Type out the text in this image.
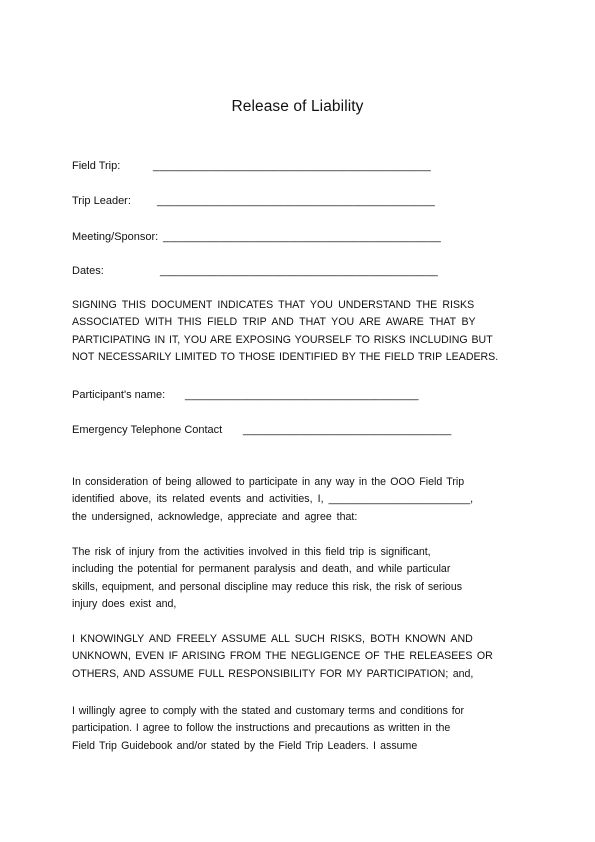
Release of Liability
Field Trip:	____________________________________________
Trip Leader: ____________________________________________
Meeting/Sponsor: ____________________________________________
Dates:	____________________________________________
SIGNING THIS DOCUMENT INDICATES THAT YOU UNDERSTAND THE RISKS
ASSOCIATED WITH THIS FIELD TRIP AND THAT YOU ARE AWARE THAT BY
PARTICIPATING IN IT, YOU ARE EXPOSING YOURSELF TO RISKS INCLUDING BUT
NOT NECESSARILY LIMITED TO THOSE IDENTIFIED BY THE FIELD TRIP LEADERS.
Participant's name: _____________________________________
Emergency Telephone Contact _________________________________
In consideration of being allowed to participate in any way in the OOO Field Trip
identified above, its related events and activities, I, ________________________,
the undersigned, acknowledge, appreciate and agree that:
The risk of injury from the activities involved in this field trip is significant,
including the potential for permanent paralysis and death, and while particular
skills, equipment, and personal discipline may reduce this risk, the risk of serious
injury does exist and,
I KNOWINGLY AND FREELY ASSUME ALL SUCH RISKS, BOTH KNOWN AND
UNKNOWN, EVEN IF ARISING FROM THE NEGLIGENCE OF THE RELEASEES OR
OTHERS, AND ASSUME FULL RESPONSIBILITY FOR MY PARTICIPATION; and,
I willingly agree to comply with the stated and customary terms and conditions for
participation. I agree to follow the instructions and precautions as written in the
Field Trip Guidebook and/or stated by the Field Trip Leaders. I assume
